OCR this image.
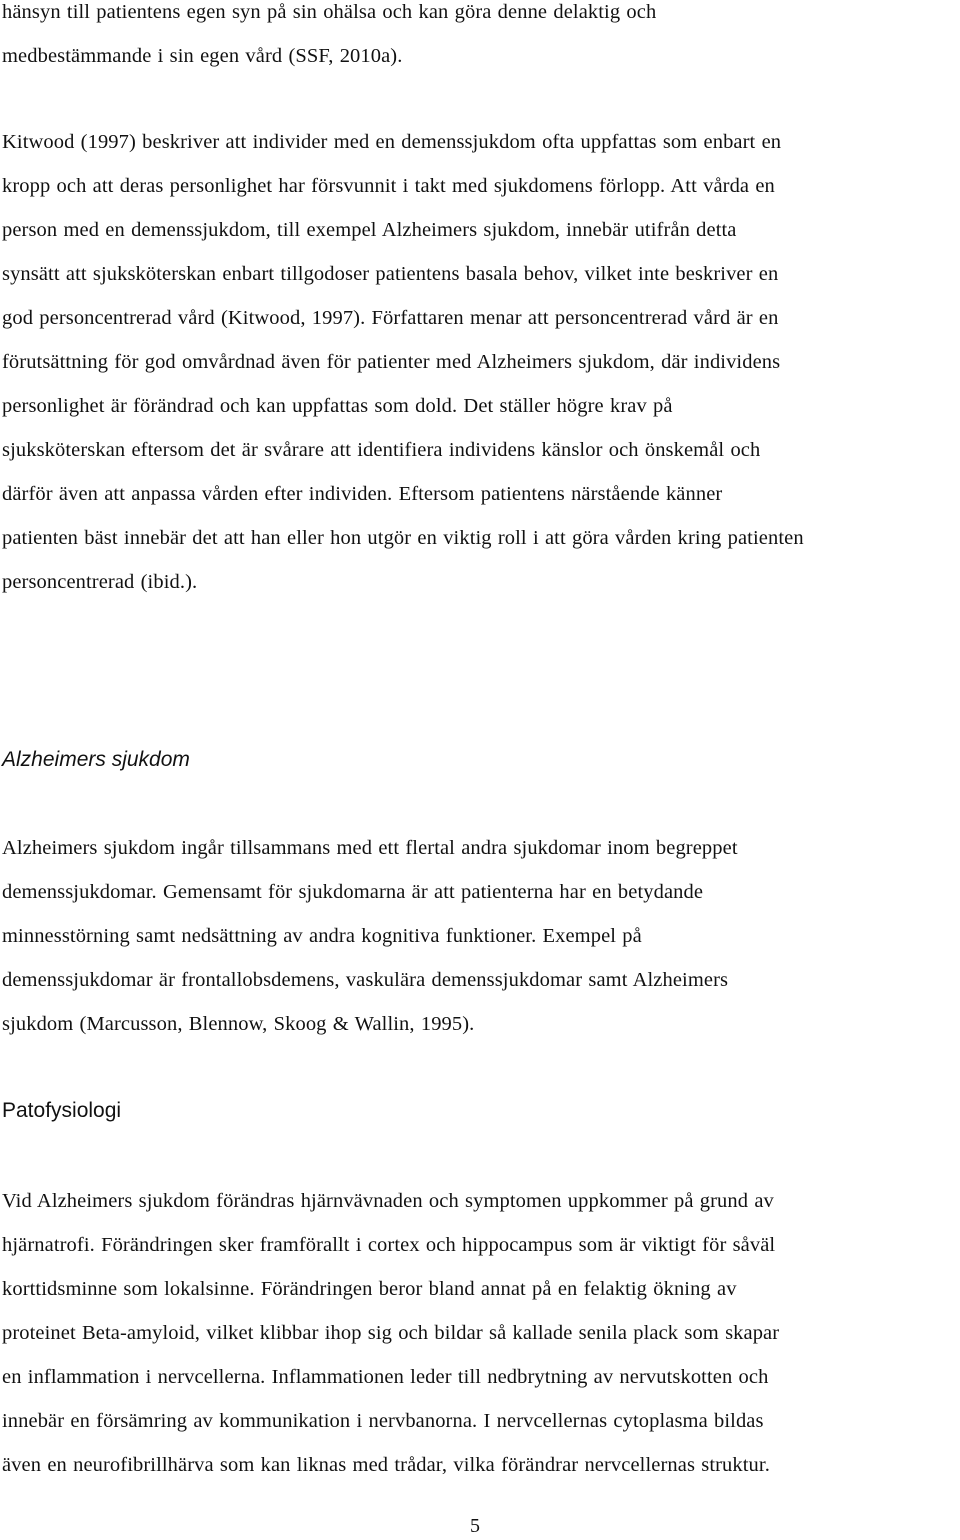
hänsyn till patientens egen syn på sin ohälsa och kan göra denne delaktig och
medbestämmande i sin egen vård (SSF, 2010a).

Kitwood (1997) beskriver att individer med en demenssjukdom ofta uppfattas som enbart en
kropp och att deras personlighet har försvunnit i takt med sjukdomens förlopp. Att vårda en
person med en demenssjukdom, till exempel Alzheimers sjukdom, innebär utifrån detta
synsätt att sjuksköterskan enbart tillgodoser patientens basala behov, vilket inte beskriver en
god personcentrerad vård (Kitwood, 1997). Författaren menar att personcentrerad vård är en
förutsättning för god omvårdnad även för patienter med Alzheimers sjukdom, där individens
personlighet är förändrad och kan uppfattas som dold. Det ställer högre krav på
sjuksköterskan eftersom det är svårare att identifiera individens känslor och önskemål och
därför även att anpassa vården efter individen. Eftersom patientens närstående känner
patienten bäst innebär det att han eller hon utgör en viktig roll i att göra vården kring patienten
personcentrerad (ibid.).

Alzheimers sjukdom

Alzheimers sjukdom ingår tillsammans med ett flertal andra sjukdomar inom begreppet
demenssjukdomar. Gemensamt för sjukdomarna är att patienterna har en betydande
minnesstörning samt nedsättning av andra kognitiva funktioner. Exempel på
demenssjukdomar är frontallobsdemens, vaskulära demenssjukdomar samt Alzheimers
sjukdom (Marcusson, Blennow, Skoog & Wallin, 1995).

Patofysiologi

Vid Alzheimers sjukdom förändras hjärnvävnaden och symptomen uppkommer på grund av
hjärnatrofi. Förändringen sker framförallt i cortex och hippocampus som är viktigt för såväl
korttidsminne som lokalsinne. Förändringen beror bland annat på en felaktig ökning av
proteinet Beta-amyloid, vilket klibbar ihop sig och bildar så kallade senila plack som skapar
en inflammation i nervcellerna. Inflammationen leder till nedbrytning av nervutskotten och
innebär en försämring av kommunikation i nervbanorna. I nervcellernas cytoplasma bildas
även en neurofibrillhärva som kan liknas med trådar, vilka förändrar nervcellernas struktur.

5
